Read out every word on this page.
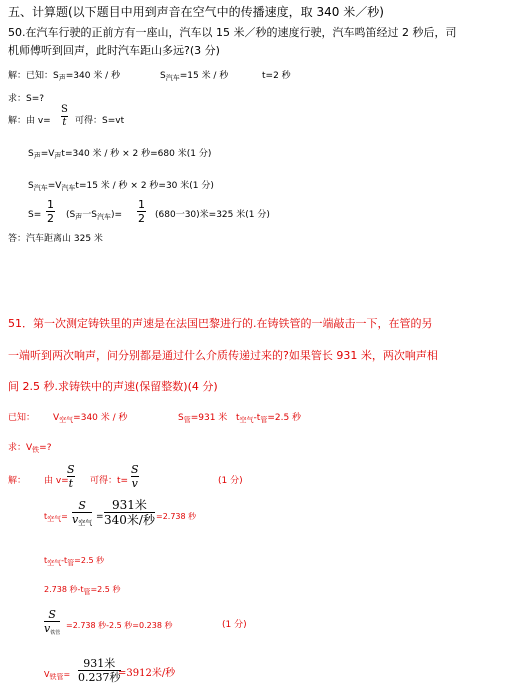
五、计算题(以下题目中用到声音在空气中的传播速度，取 340 米／秒)
50.在汽车行驶的正前方有一座山，汽车以 15 米／秒的速度行驶，汽车鸣笛经过 2 秒后，司
机师傅听到回声，此时汽车距山多远?(3 分)
解：已知：$S_声=340$ 米 / 秒	$S_{汽车}=15$ 米 / 秒	t=2 秒
求：S=?
解：由 v=
S
t 可得：S=vt
$S_声=V_声t=340$ 米 / 秒 × 2 秒=680 米(1 分)
$S_{汽车}=V_{汽车}t=15$ 米 / 秒 × 2 秒=30 米(1 分)
S=
1
2 ($S_声$一$S_{汽车})=$
1
2 (680一30)米=325 米(1 分)
答：汽车距离山 325 米
51．第一次测定铸铁里的声速是在法国巴黎进行的.在铸铁管的一端敲击一下，在管的另
一端听到两次响声，问分别都是通过什么介质传递过来的?如果管长 931 米，两次响声相
间 2.5 秒.求铸铁中的声速(保留整数)(4 分)
已知： $V_{空气}=340$ 米 / 秒	$S_管=931$ 米 $t_{空气}-t_管=2.5$ 秒
求：$V_铁=$?
解： 由 v=
S
t 可得：t=
S
v	(1 分)
t空气=
S
v空气
=
931米
340米/秒 =2.738 秒
t空气-t管=2.5 秒
2.738 秒-t管=2.5 秒
S
v铁管
=2.738 秒-2.5 秒=0.238 秒	(1 分)
V铁管=
931米
0.237秒
=3912米/秒
